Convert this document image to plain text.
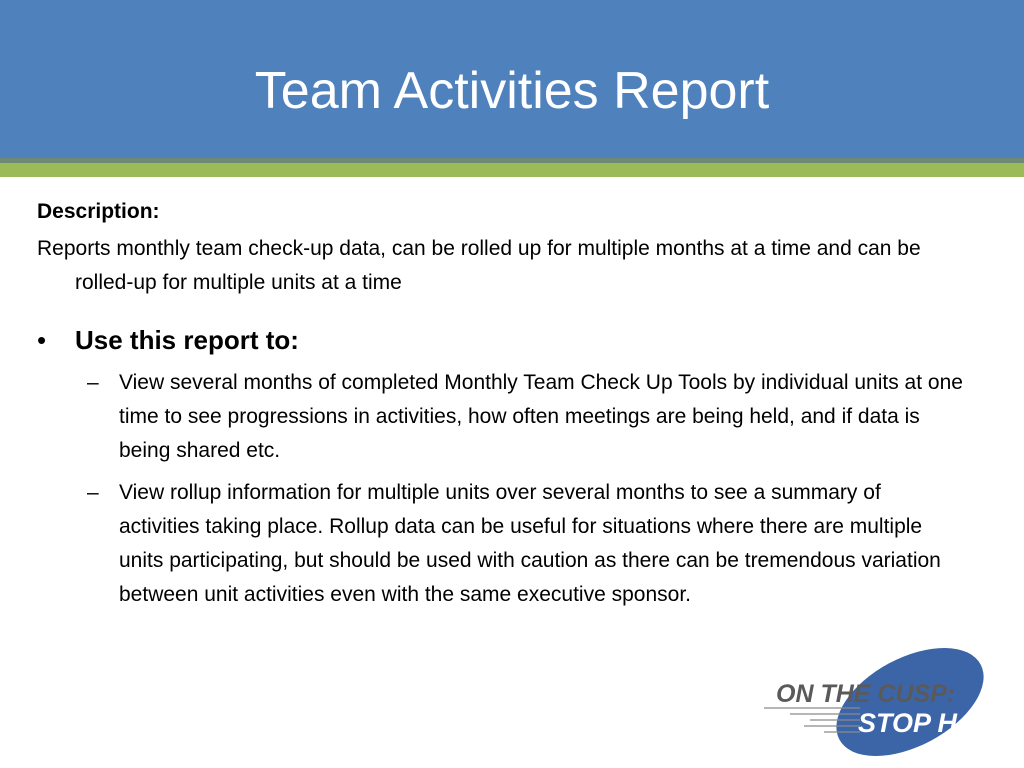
Team Activities Report

Description:

Reports monthly team check-up data, can be rolled up for multiple months at a time and can be rolled-up for multiple units at a time

• Use this report to:
– View several months of completed Monthly Team Check Up Tools by individual units at one time to see progressions in activities, how often meetings are being held, and if data is being shared etc.
– View rollup information for multiple units over several months to see a summary of activities taking place. Rollup data can be useful for situations where there are multiple units participating, but should be used with caution as there can be tremendous variation between unit activities even with the same executive sponsor.
ON THE CUSP:
STOP HAI
